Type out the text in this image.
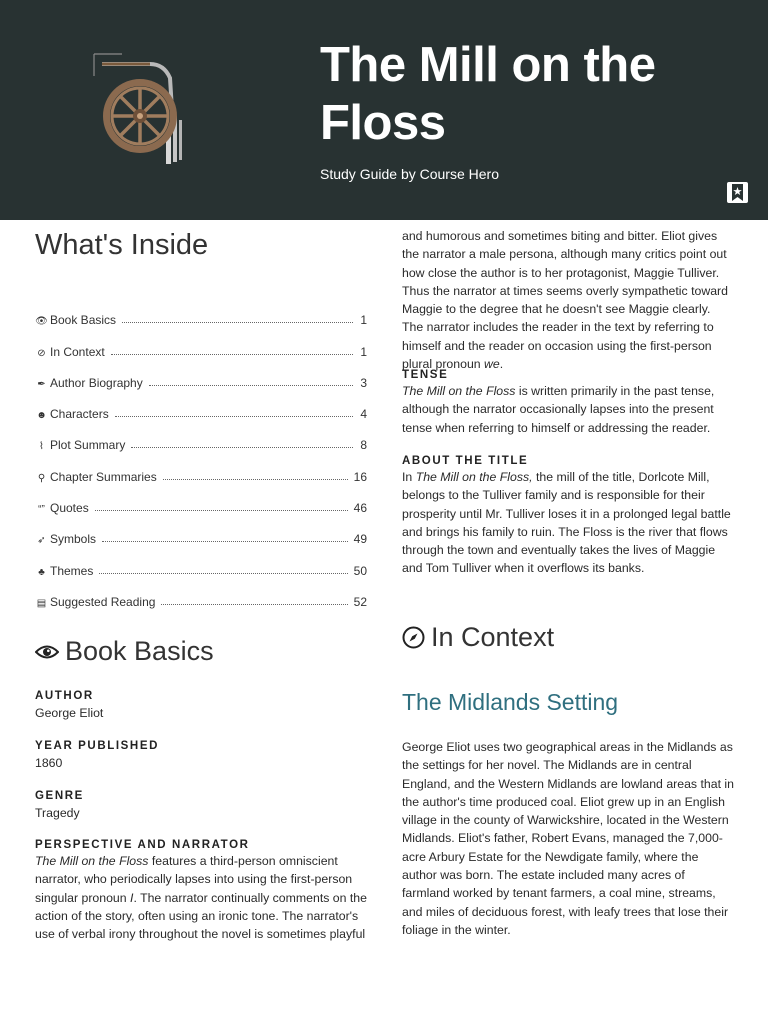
The Mill on the
Floss
Study Guide by Course Hero
What's Inside
👁 Book Basics	1
⊘ In Context	1
✒ Author Biography	3
☻ Characters	4
⌇ Plot Summary	8
⚲ Chapter Summaries	16
“” Quotes	46
➶ Symbols	49
♣ Themes	50
▤ Suggested Reading	52
Book Basics

AUTHOR

George Eliot

YEAR PUBLISHED

1860

GENRE

Tragedy

PERSPECTIVE AND NARRATOR

The Mill on the Floss features a third-person omniscient narrator, who periodically lapses into using the first-person singular pronoun I. The narrator continually comments on the action of the story, often using an ironic tone. The narrator's use of verbal irony throughout the novel is sometimes playful

and humorous and sometimes biting and bitter. Eliot gives the narrator a male persona, although many critics point out how close the author is to her protagonist, Maggie Tulliver. Thus the narrator at times seems overly sympathetic toward Maggie to the degree that he doesn't see Maggie clearly. The narrator includes the reader in the text by referring to himself and the reader on occasion using the first-person plural pronoun we.

TENSE

The Mill on the Floss is written primarily in the past tense, although the narrator occasionally lapses into the present tense when referring to himself or addressing the reader.

ABOUT THE TITLE

In The Mill on the Floss, the mill of the title, Dorlcote Mill, belongs to the Tulliver family and is responsible for their prosperity until Mr. Tulliver loses it in a prolonged legal battle and brings his family to ruin. The Floss is the river that flows through the town and eventually takes the lives of Maggie and Tom Tulliver when it overflows its banks.

In Context
The Midlands Setting

George Eliot uses two geographical areas in the Midlands as the settings for her novel. The Midlands are in central England, and the Western Midlands are lowland areas that in the author's time produced coal. Eliot grew up in an English village in the county of Warwickshire, located in the Western Midlands. Eliot's father, Robert Evans, managed the 7,000-acre Arbury Estate for the Newdigate family, where the author was born. The estate included many acres of farmland worked by tenant farmers, a coal mine, streams, and miles of deciduous forest, with leafy trees that lose their foliage in the winter.
